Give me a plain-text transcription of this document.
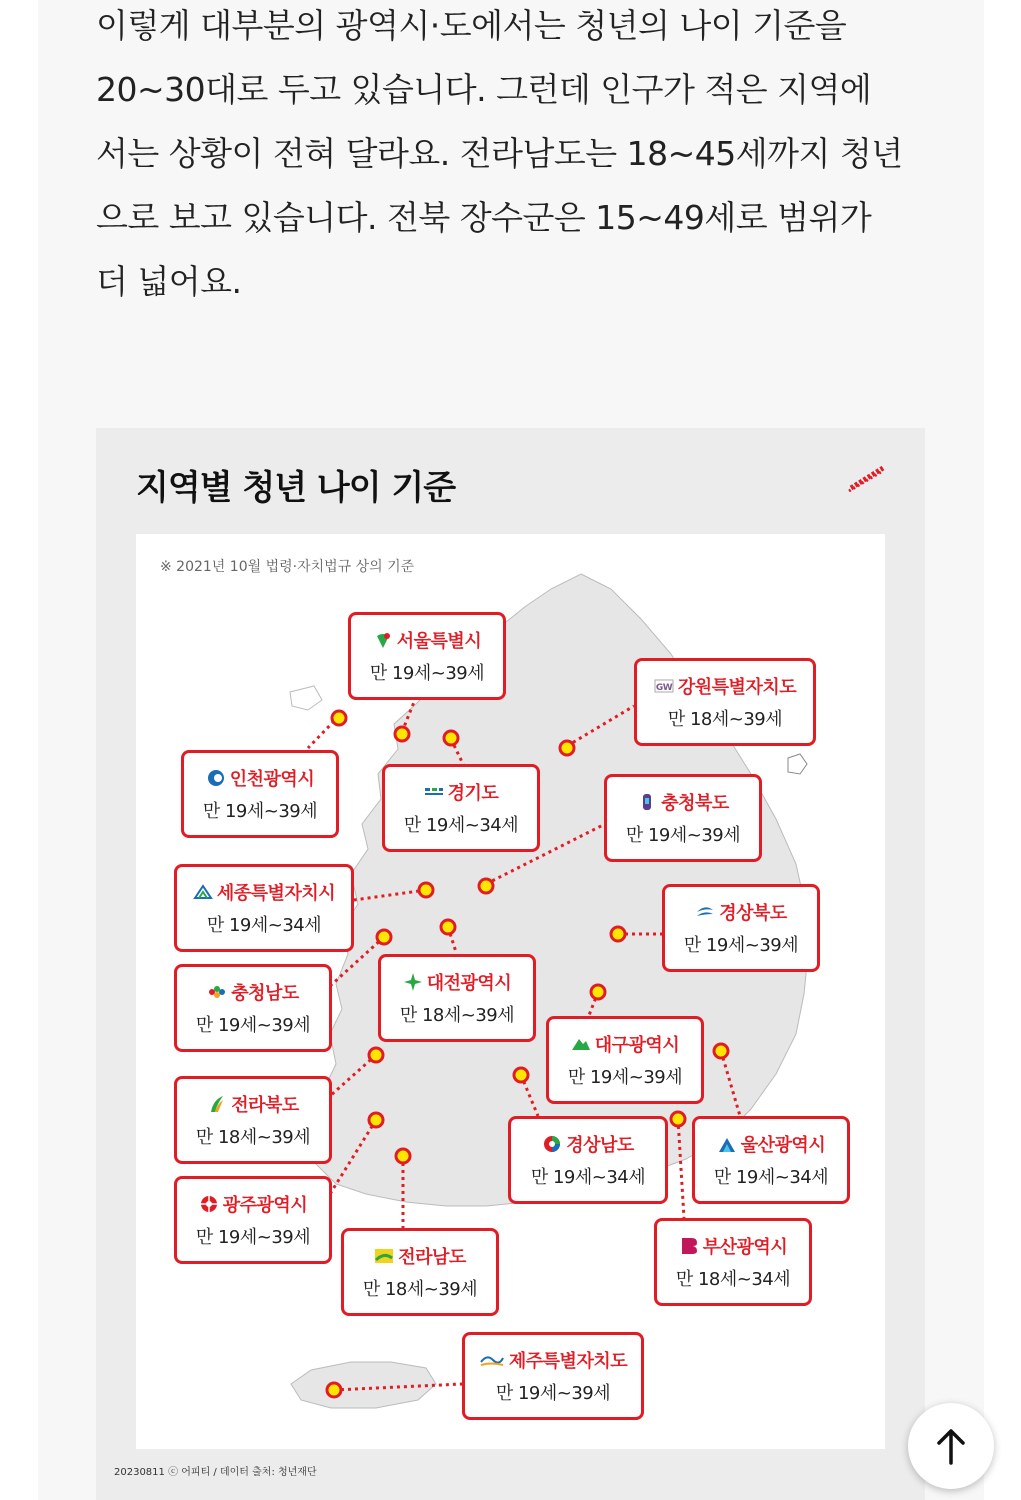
이렇게 대부분의 광역시·도에서는 청년의 나이 기준을

20~30대로 두고 있습니다. 그런데 인구가 적은 지역에

서는 상황이 전혀 달라요. 전라남도는 18~45세까지 청년

으로 보고 있습니다. 전북 장수군은 15~49세로 범위가

더 넓어요.

지역별 청년 나이 기준
※ 2021년 10월 법령·자치법규 상의 기준
서울특별시
만 19세~39세
GW 강원특별자치도
만 18세~39세
인천광역시
만 19세~39세
경기도
만 19세~34세
충청북도
만 19세~39세
세종특별자치시
만 19세~34세
경상북도
만 19세~39세
충청남도
만 19세~39세
대전광역시
만 18세~39세
대구광역시
만 19세~39세
전라북도
만 18세~39세	경상남도
만 19세~34세
울산광역시
만 19세~34세
광주광역시
만 19세~39세
전라남도
만 18세~39세
부산광역시
만 18세~34세
제주특별자치도
만 19세~39세
20230811 ⓒ 어피티 / 데이터 출처: 청년재단
